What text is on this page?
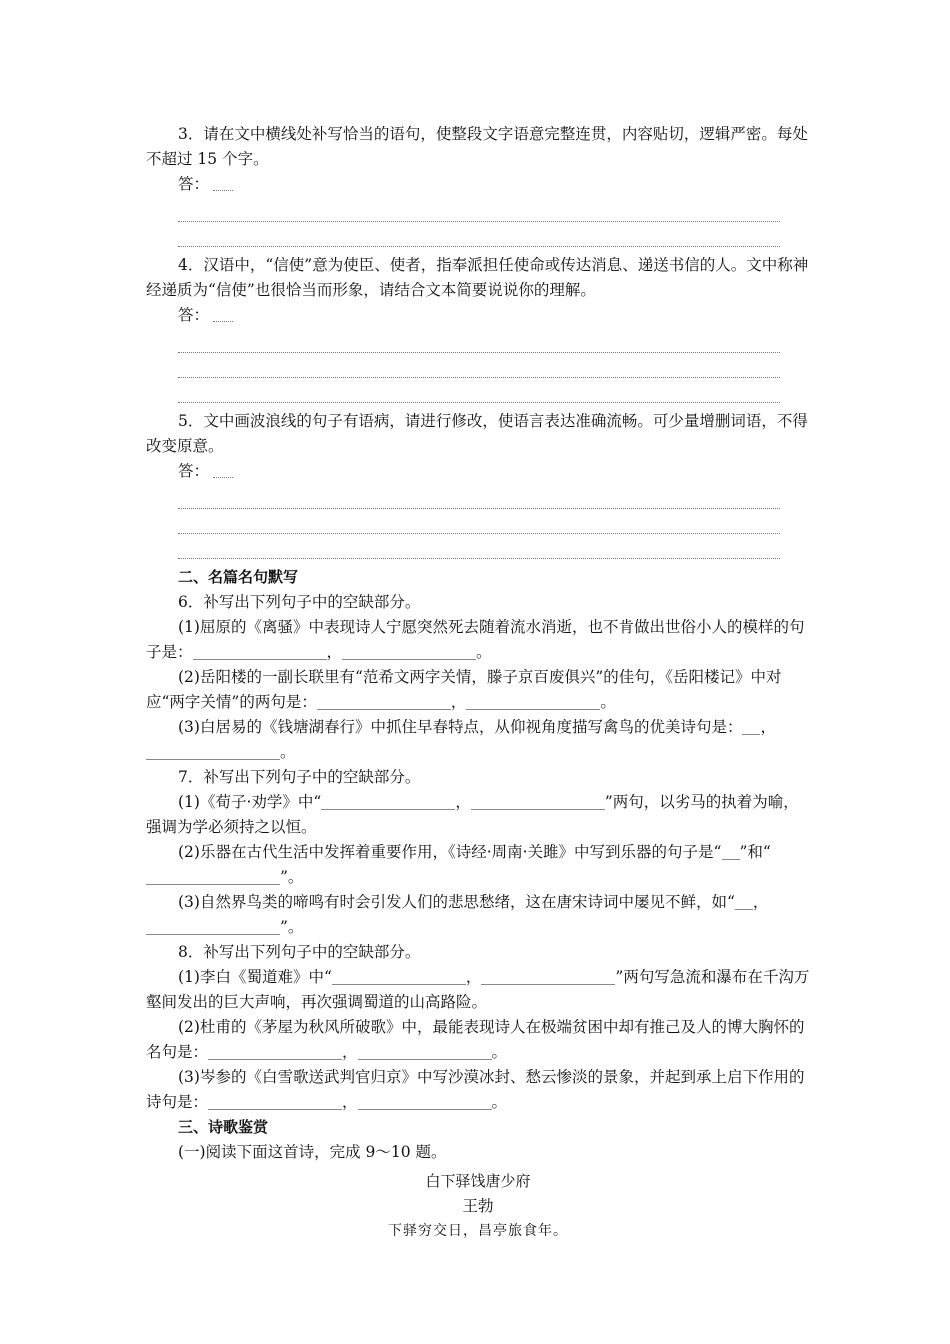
3．请在文中横线处补写恰当的语句，使整段文字语意完整连贯，内容贴切，逻辑严密。每处不超过 15 个字。

答：

4．汉语中，“信使”意为使臣、使者，指奉派担任使命或传达消息、递送书信的人。文中称神经递质为“信使”也很恰当而形象，请结合文本简要说说你的理解。

答：

5．文中画波浪线的句子有语病，请进行修改，使语言表达准确流畅。可少量增删词语，不得改变原意。

答：

二、名篇名句默写

6．补写出下列句子中的空缺部分。

(1)屈原的《离骚》中表现诗人宁愿突然死去随着流水消逝，也不肯做出世俗小人的模样的句子是：	，	。

(2)岳阳楼的一副长联里有“范希文两字关情，滕子京百废俱兴”的佳句，《岳阳楼记》中对应“两字关情”的两句是：	，	。

(3)白居易的《钱塘湖春行》中抓住早春特点，从仰视角度描写禽鸟的优美诗句是： ，。

7．补写出下列句子中的空缺部分。

(1)《荀子·劝学》中“	，	”两句，以劣马的执着为喻，强调为学必须持之以恒。

(2)乐器在古代生活中发挥着重要作用，《诗经·周南·关雎》中写到乐器的句子是“ ”和“”。

(3)自然界鸟类的啼鸣有时会引发人们的悲思愁绪，这在唐宋诗词中屡见不鲜，如“ ，”。

8．补写出下列句子中的空缺部分。

(1)李白《蜀道难》中“	，	”两句写急流和瀑布在千沟万壑间发出的巨大声响，再次强调蜀道的山高路险。

(2)杜甫的《茅屋为秋风所破歌》中，最能表现诗人在极端贫困中却有推己及人的博大胸怀的名句是：	，	。

(3)岑参的《白雪歌送武判官归京》中写沙漠冰封、愁云惨淡的景象，并起到承上启下作用的诗句是：	，	。

三、诗歌鉴赏

(一)阅读下面这首诗，完成 9～10 题。

白下驿饯唐少府
王勃
下驿穷交日，昌亭旅食年。
